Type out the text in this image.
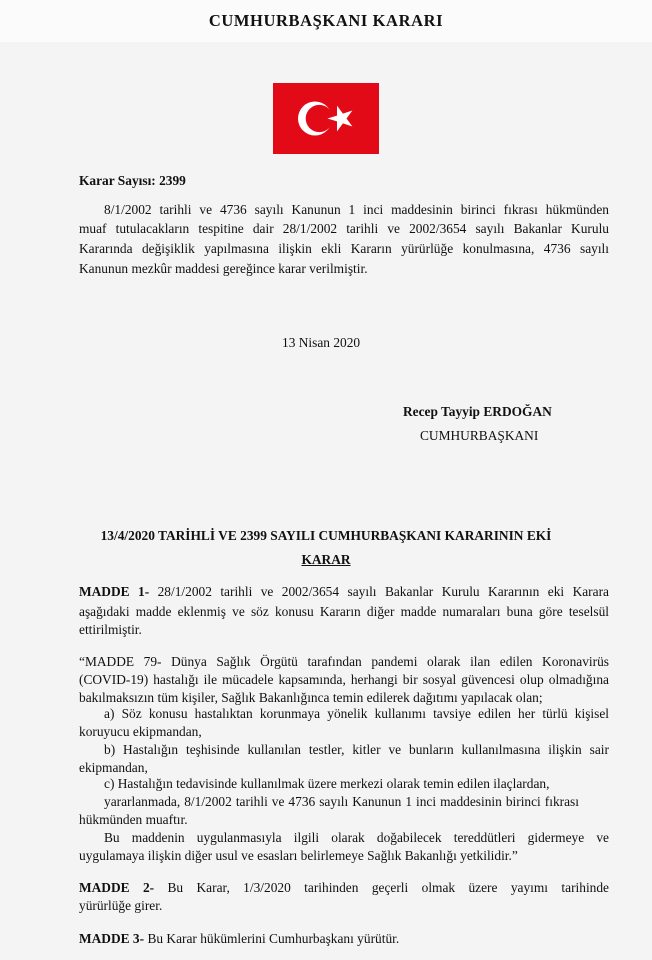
CUMHURBAŞKANI KARARI
Karar Sayısı: 2399
8/1/2002 tarihli ve 4736 sayılı Kanunun 1 inci maddesinin birinci fıkrası hükmünden
muaf tutulacakların tespitine dair 28/1/2002 tarihli ve 2002/3654 sayılı Bakanlar Kurulu
Kararında değişiklik yapılmasına ilişkin ekli Kararın yürürlüğe konulmasına, 4736 sayılı
Kanunun mezkûr maddesi gereğince karar verilmiştir.
13 Nisan 2020
Recep Tayyip ERDOĞAN
CUMHURBAŞKANI
13/4/2020 TARİHLİ VE 2399 SAYILI CUMHURBAŞKANI KARARININ EKİ
KARAR
MADDE 1- 28/1/2002 tarihli ve 2002/3654 sayılı Bakanlar Kurulu Kararının eki Karara
aşağıdaki madde eklenmiş ve söz konusu Kararın diğer madde numaraları buna göre teselsül
ettirilmiştir.
“MADDE 79- Dünya Sağlık Örgütü tarafından pandemi olarak ilan edilen Koronavirüs
(COVID-19) hastalığı ile mücadele kapsamında, herhangi bir sosyal güvencesi olup olmadığına
bakılmaksızın tüm kişiler, Sağlık Bakanlığınca temin edilerek dağıtımı yapılacak olan;
a) Söz konusu hastalıktan korunmaya yönelik kullanımı tavsiye edilen her türlü kişisel
koruyucu ekipmandan,
b) Hastalığın teşhisinde kullanılan testler, kitler ve bunların kullanılmasına ilişkin sair
ekipmandan,
c) Hastalığın tedavisinde kullanılmak üzere merkezi olarak temin edilen ilaçlardan,
yararlanmada, 8/1/2002 tarihli ve 4736 sayılı Kanunun 1 inci maddesinin birinci fıkrası
hükmünden muaftır.
Bu maddenin uygulanmasıyla ilgili olarak doğabilecek tereddütleri gidermeye ve
uygulamaya ilişkin diğer usul ve esasları belirlemeye Sağlık Bakanlığı yetkilidir.”
MADDE 2- Bu Karar, 1/3/2020 tarihinden geçerli olmak üzere yayımı tarihinde
yürürlüğe girer.
MADDE 3- Bu Karar hükümlerini Cumhurbaşkanı yürütür.
